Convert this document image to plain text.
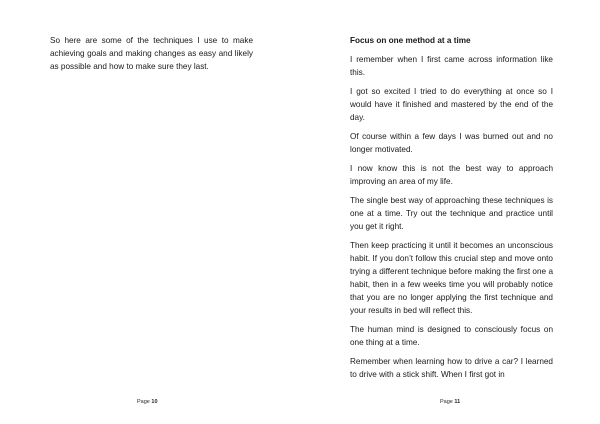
So here are some of the techniques I use to make achieving goals and making changes as easy and likely as possible and how to make sure they last.

Page 10

Focus on one method at a time

I remember when I first came across information like this.

I got so excited I tried to do everything at once so I would have it finished and mastered by the end of the day.

Of course within a few days I was burned out and no longer motivated.

I now know this is not the best way to approach improving an area of my life.

The single best way of approaching these techniques is one at a time. Try out the technique and practice until you get it right.

Then keep practicing it until it becomes an unconscious habit. If you don’t follow this crucial step and move onto trying a different technique before making the first one a habit, then in a few weeks time you will probably notice that you are no longer applying the first technique and your results in bed will reflect this.

The human mind is designed to consciously focus on one thing at a time.

Remember when learning how to drive a car? I learned to drive with a stick shift. When I first got in

Page 11
